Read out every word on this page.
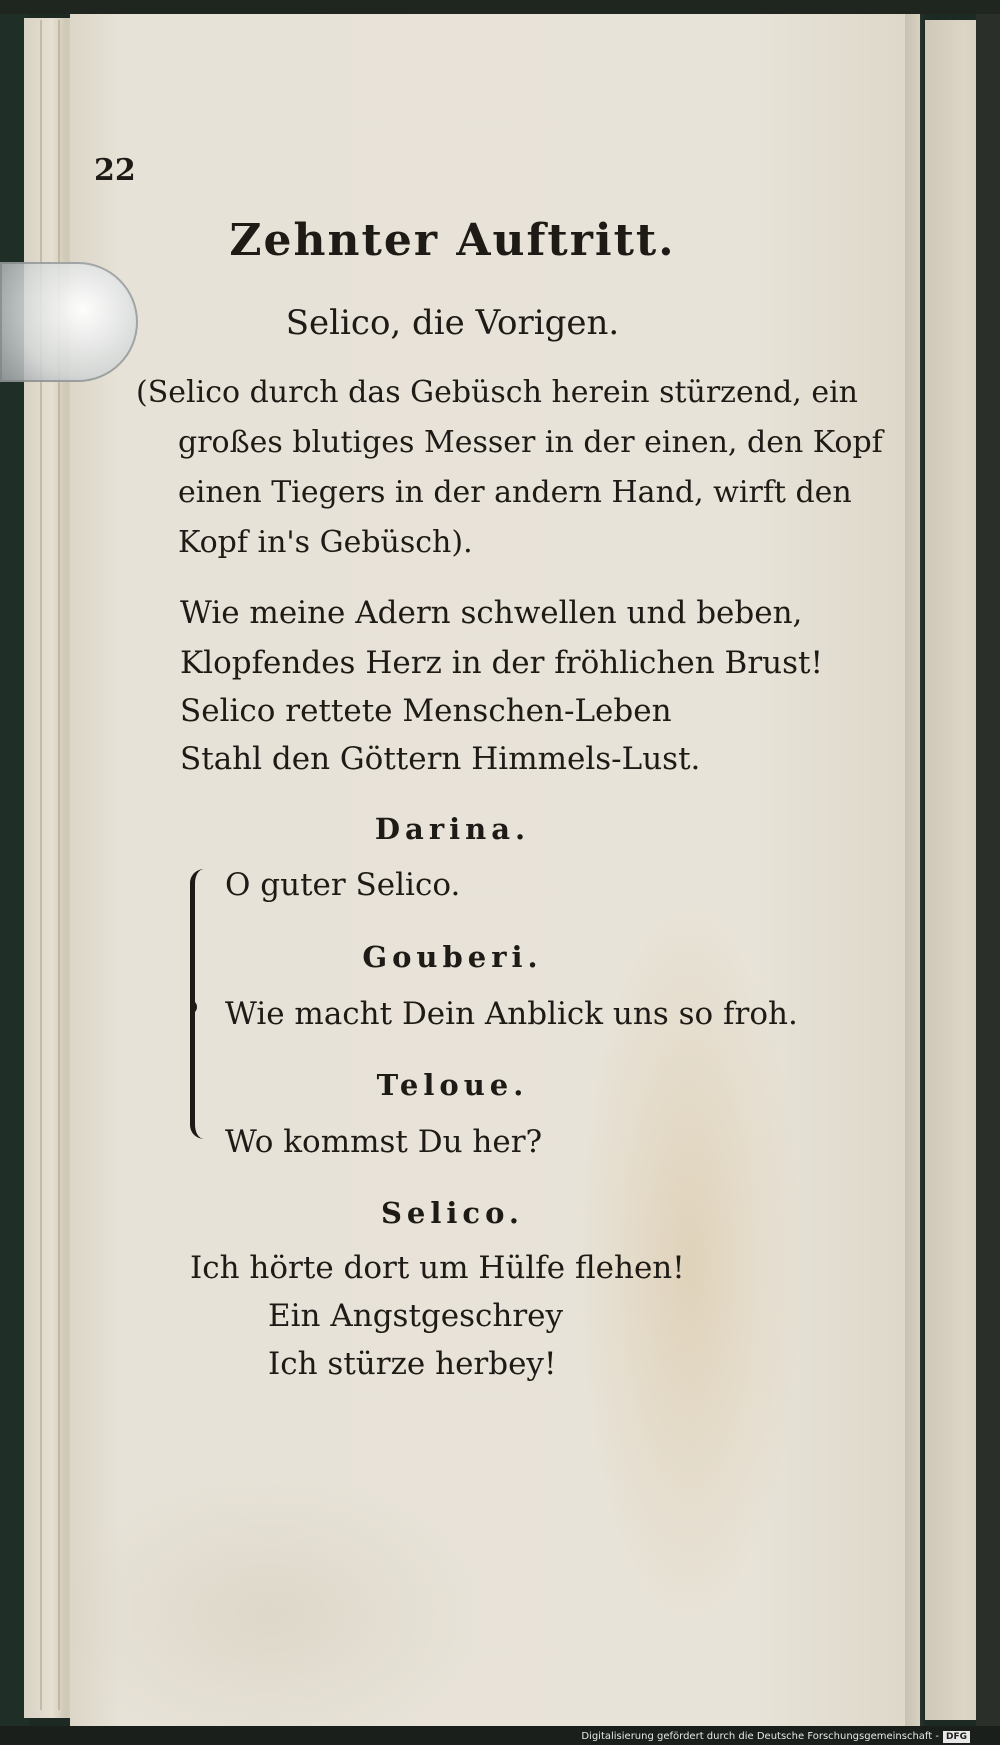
22

Zehnter Auftritt.

Selico, die Vorigen.

(Selico durch das Gebüsch herein stürzend, ein

großes blutiges Messer in der einen, den Kopf

einen Tiegers in der andern Hand, wirft den

Kopf in's Gebüsch).

Wie meine Adern schwellen und beben,

Klopfendes Herz in der fröhlichen Brust!

Selico rettete Menschen-Leben

Stahl den Göttern Himmels-Lust.

Darina.

O guter Selico.

Gouberi.

Wie macht Dein Anblick uns so froh.

Teloue.

Wo kommst Du her?

Selico.

Ich hörte dort um Hülfe flehen!

Ein Angstgeschrey

Ich stürze herbey!

Digitalisierung gefördert durch die Deutsche Forschungsgemeinschaft - DFG
